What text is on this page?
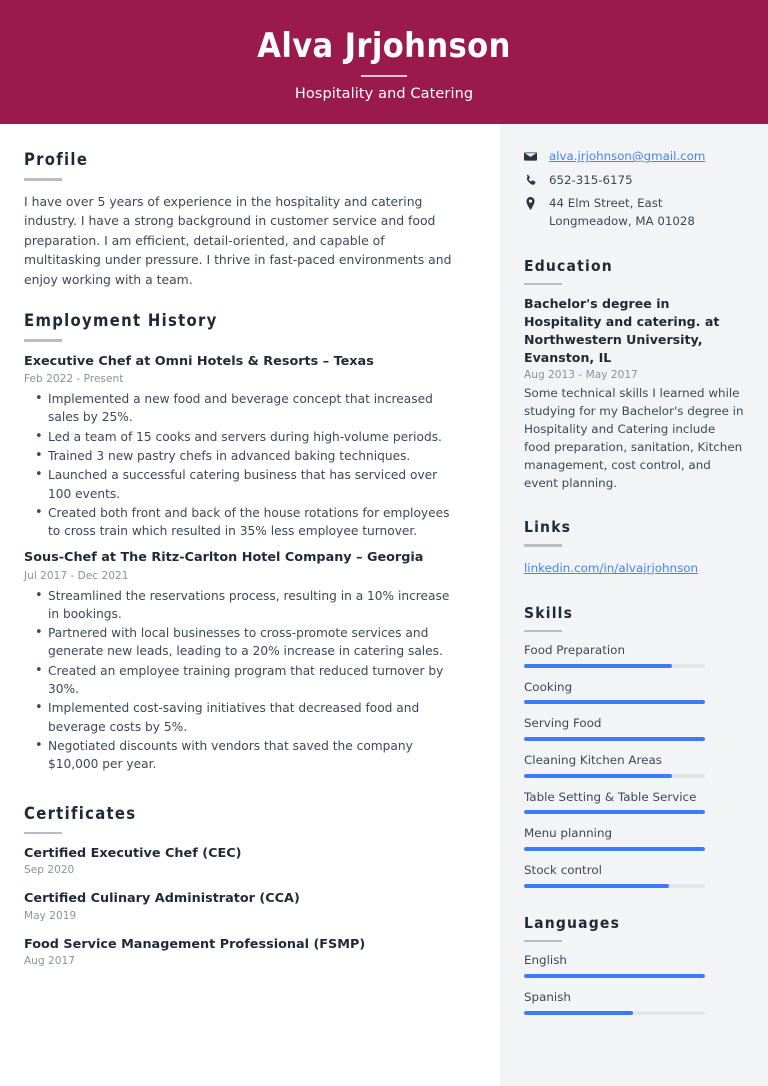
Alva Jrjohnson
Hospitality and Catering
Profile
I have over 5 years of experience in the hospitality and catering industry. I have a strong background in customer service and food preparation. I am efficient, detail-oriented, and capable of multitasking under pressure. I thrive in fast-paced environments and enjoy working with a team.
Employment History
Executive Chef at Omni Hotels & Resorts – Texas
Feb 2022 - Present
• Implemented a new food and beverage concept that increased sales by 25%.
• Led a team of 15 cooks and servers during high-volume periods.
• Trained 3 new pastry chefs in advanced baking techniques.
• Launched a successful catering business that has serviced over 100 events.
• Created both front and back of the house rotations for employees to cross train which resulted in 35% less employee turnover.
Sous-Chef at The Ritz-Carlton Hotel Company – Georgia
Jul 2017 - Dec 2021
• Streamlined the reservations process, resulting in a 10% increase in bookings.
• Partnered with local businesses to cross-promote services and generate new leads, leading to a 20% increase in catering sales.
• Created an employee training program that reduced turnover by 30%.
• Implemented cost-saving initiatives that decreased food and beverage costs by 5%.
• Negotiated discounts with vendors that saved the company $10,000 per year.
Certificates
Certified Executive Chef (CEC)
Sep 2020
Certified Culinary Administrator (CCA)
May 2019
Food Service Management Professional (FSMP)
Aug 2017
alva.jrjohnson@gmail.com
652-315-6175
44 Elm Street, East Longmeadow, MA 01028
Education
Bachelor's degree in Hospitality and catering. at Northwestern University, Evanston, IL
Aug 2013 - May 2017
Some technical skills I learned while studying for my Bachelor's degree in Hospitality and Catering include food preparation, sanitation, Kitchen management, cost control, and event planning.
Links
linkedin.com/in/alvajrjohnson
Skills
Food Preparation
Cooking
Serving Food
Cleaning Kitchen Areas
Table Setting & Table Service
Menu planning
Stock control
Languages
English
Spanish
